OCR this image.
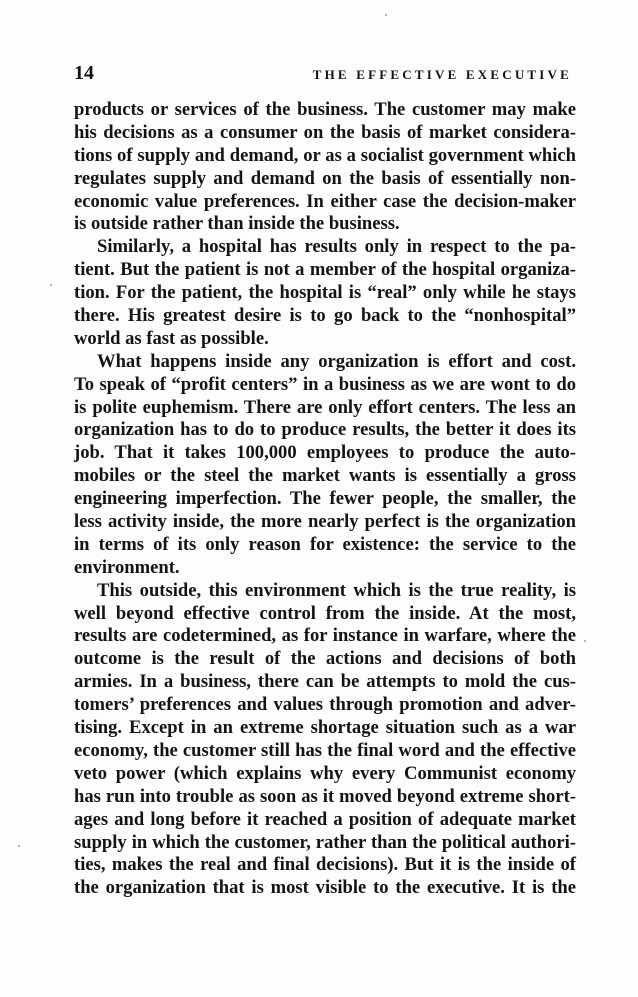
14	THE EFFECTIVE EXECUTIVE
products or services of the business. The customer may make
his decisions as a consumer on the basis of market considera-
tions of supply and demand, or as a socialist government which
regulates supply and demand on the basis of essentially non-
economic value preferences. In either case the decision-maker
is outside rather than inside the business.
Similarly, a hospital has results only in respect to the pa-
tient. But the patient is not a member of the hospital organiza-
tion. For the patient, the hospital is “real” only while he stays
there. His greatest desire is to go back to the “nonhospital”
world as fast as possible.
What happens inside any organization is effort and cost.
To speak of “profit centers” in a business as we are wont to do
is polite euphemism. There are only effort centers. The less an
organization has to do to produce results, the better it does its
job. That it takes 100,000 employees to produce the auto-
mobiles or the steel the market wants is essentially a gross
engineering imperfection. The fewer people, the smaller, the
less activity inside, the more nearly perfect is the organization
in terms of its only reason for existence: the service to the
environment.
This outside, this environment which is the true reality, is
well beyond effective control from the inside. At the most,
results are codetermined, as for instance in warfare, where the
outcome is the result of the actions and decisions of both
armies. In a business, there can be attempts to mold the cus-
tomers’ preferences and values through promotion and adver-
tising. Except in an extreme shortage situation such as a war
economy, the customer still has the final word and the effective
veto power (which explains why every Communist economy
has run into trouble as soon as it moved beyond extreme short-
ages and long before it reached a position of adequate market
supply in which the customer, rather than the political authori-
ties, makes the real and final decisions). But it is the inside of
the organization that is most visible to the executive. It is the
